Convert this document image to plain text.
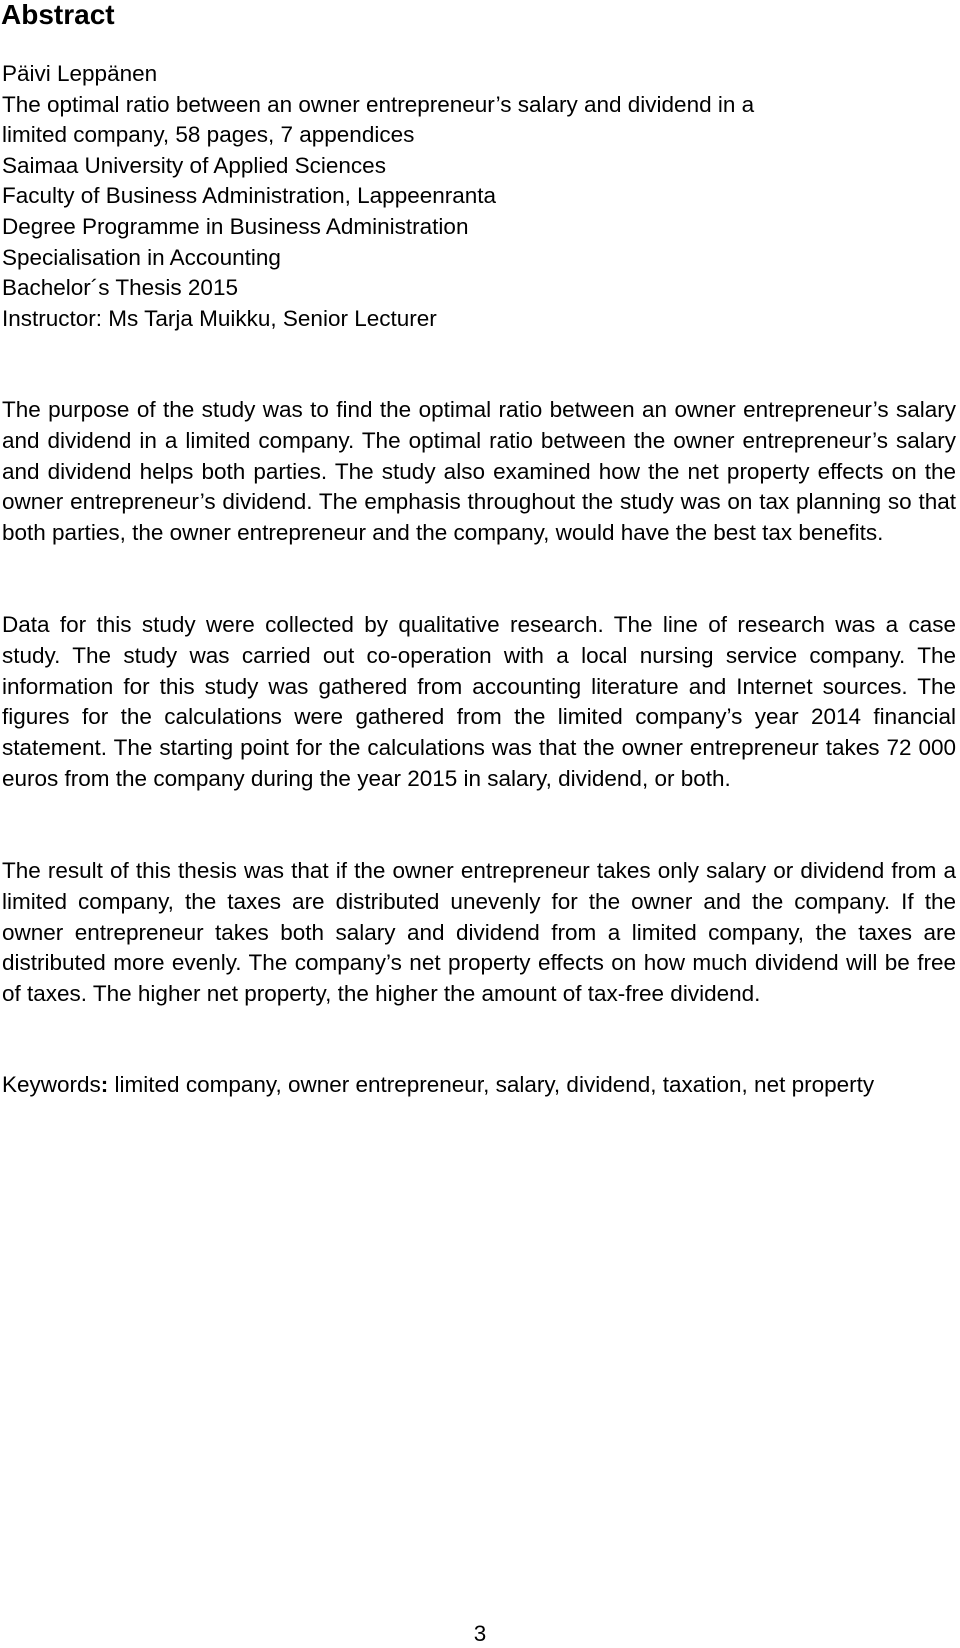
Abstract
Päivi Leppänen
The optimal ratio between an owner entrepreneur’s salary and dividend in a
limited company, 58 pages, 7 appendices
Saimaa University of Applied Sciences
Faculty of Business Administration, Lappeenranta
Degree Programme in Business Administration
Specialisation in Accounting
Bachelor´s Thesis 2015
Instructor: Ms Tarja Muikku, Senior Lecturer

The purpose of the study was to find the optimal ratio between an owner entrepreneur’s salary and dividend in a limited company. The optimal ratio between the owner entrepreneur’s salary and dividend helps both parties. The study also examined how the net property effects on the owner entrepreneur’s dividend. The emphasis throughout the study was on tax planning so that both parties, the owner entrepreneur and the company, would have the best tax benefits.

Data for this study were collected by qualitative research. The line of research was a case study. The study was carried out co-operation with a local nursing service company. The information for this study was gathered from accounting literature and Internet sources. The figures for the calculations were gathered from the limited company’s year 2014 financial statement. The starting point for the calculations was that the owner entrepreneur takes 72 000 euros from the company during the year 2015 in salary, dividend, or both.

The result of this thesis was that if the owner entrepreneur takes only salary or dividend from a limited company, the taxes are distributed unevenly for the owner and the company. If the owner entrepreneur takes both salary and dividend from a limited company, the taxes are distributed more evenly. The company’s net property effects on how much dividend will be free of taxes. The higher net property, the higher the amount of tax-free dividend.

Keywords: limited company, owner entrepreneur, salary, dividend, taxation, net property

3
